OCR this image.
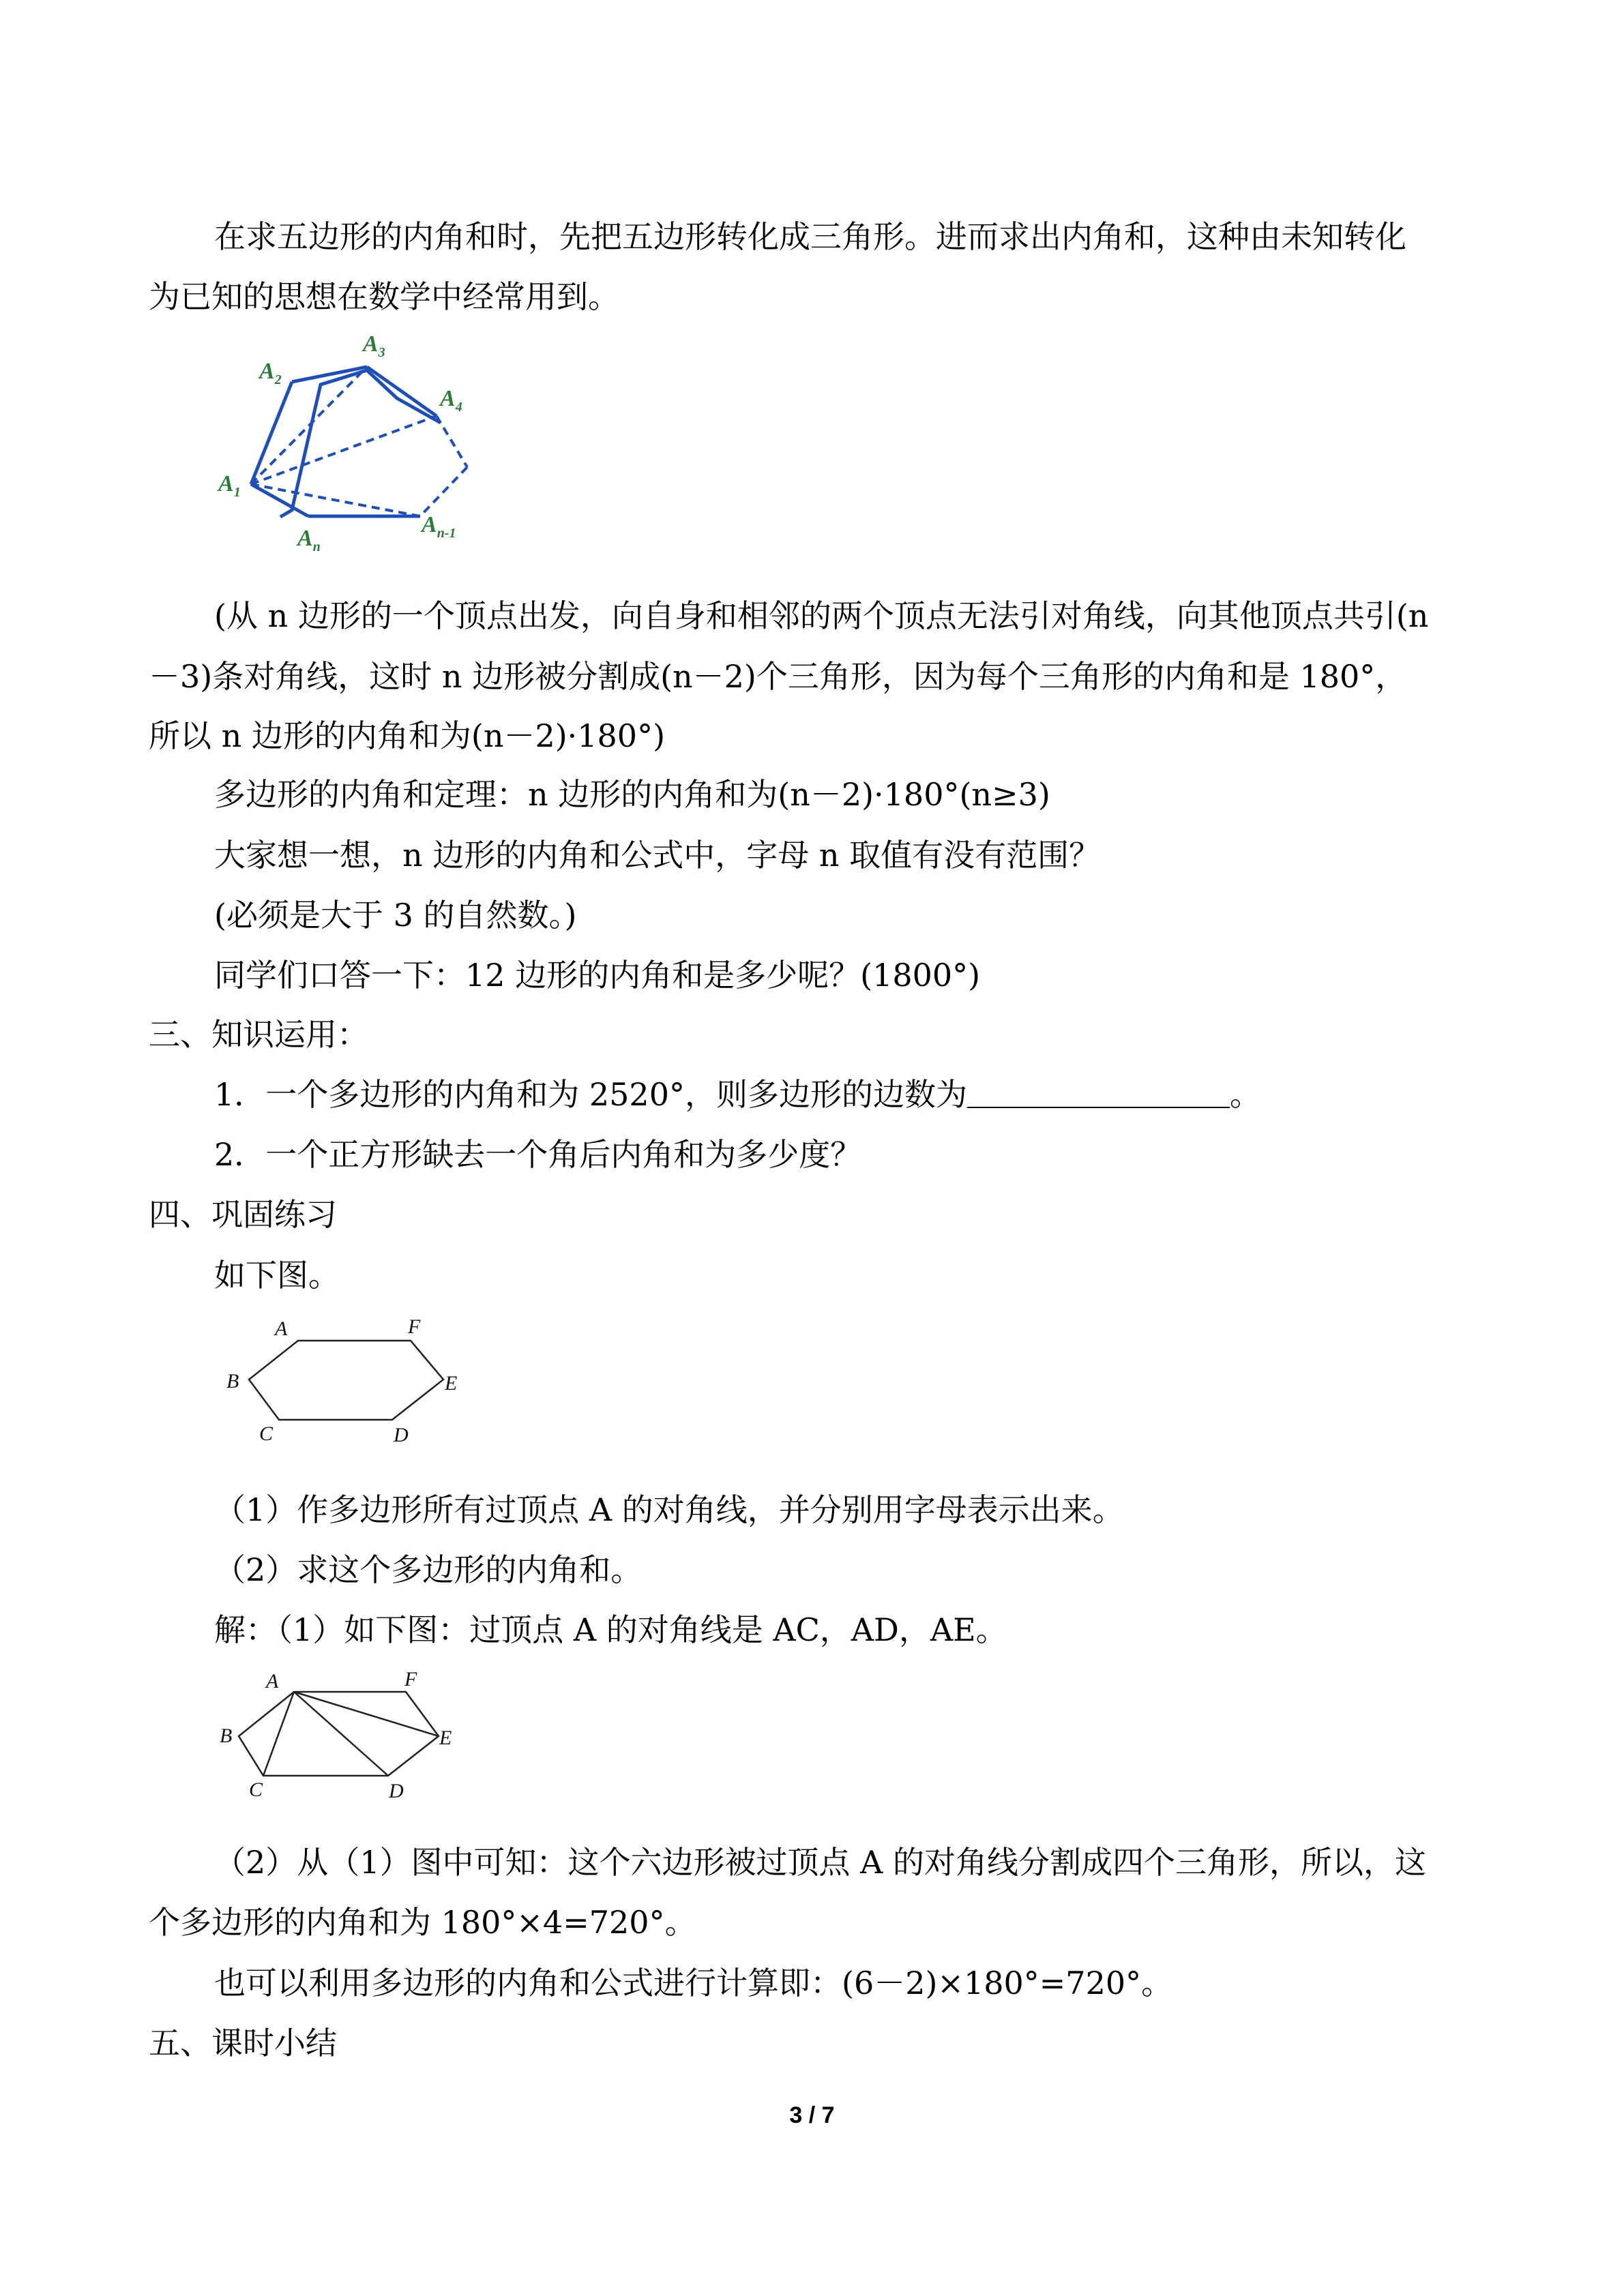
在求五边形的内角和时，先把五边形转化成三角形。进而求出内角和，这种由未知转化

为已知的思想在数学中经常用到。

$A_2$
$A_3$
$A_4$
$A_1$
$A_n$
$A_{n-1}$

(从 n 边形的一个顶点出发，向自身和相邻的两个顶点无法引对角线，向其他顶点共引(n

－3)条对角线，这时 n 边形被分割成(n－2)个三角形，因为每个三角形的内角和是 180°，

所以 n 边形的内角和为(n－2)·180°)

多边形的内角和定理：n 边形的内角和为(n－2)·180°(n≥3)

大家想一想，n 边形的内角和公式中，字母 n 取值有没有范围？

(必须是大于 3 的自然数。)

同学们口答一下：12 边形的内角和是多少呢？(1800°)

三、知识运用：

1．一个多边形的内角和为 2520°，则多边形的边数为	。

2．一个正方形缺去一个角后内角和为多少度？

四、巩固练习

如下图。

A	F
B	E
C	D

（1）作多边形所有过顶点 A 的对角线，并分别用字母表示出来。

（2）求这个多边形的内角和。

解：（1）如下图：过顶点 A 的对角线是 AC，AD，AE。

A	F
B	E
C	D

（2）从（1）图中可知：这个六边形被过顶点 A 的对角线分割成四个三角形，所以，这

个多边形的内角和为 180°×4=720°。

也可以利用多边形的内角和公式进行计算即：(6－2)×180°=720°。

五、课时小结

3 / 7
